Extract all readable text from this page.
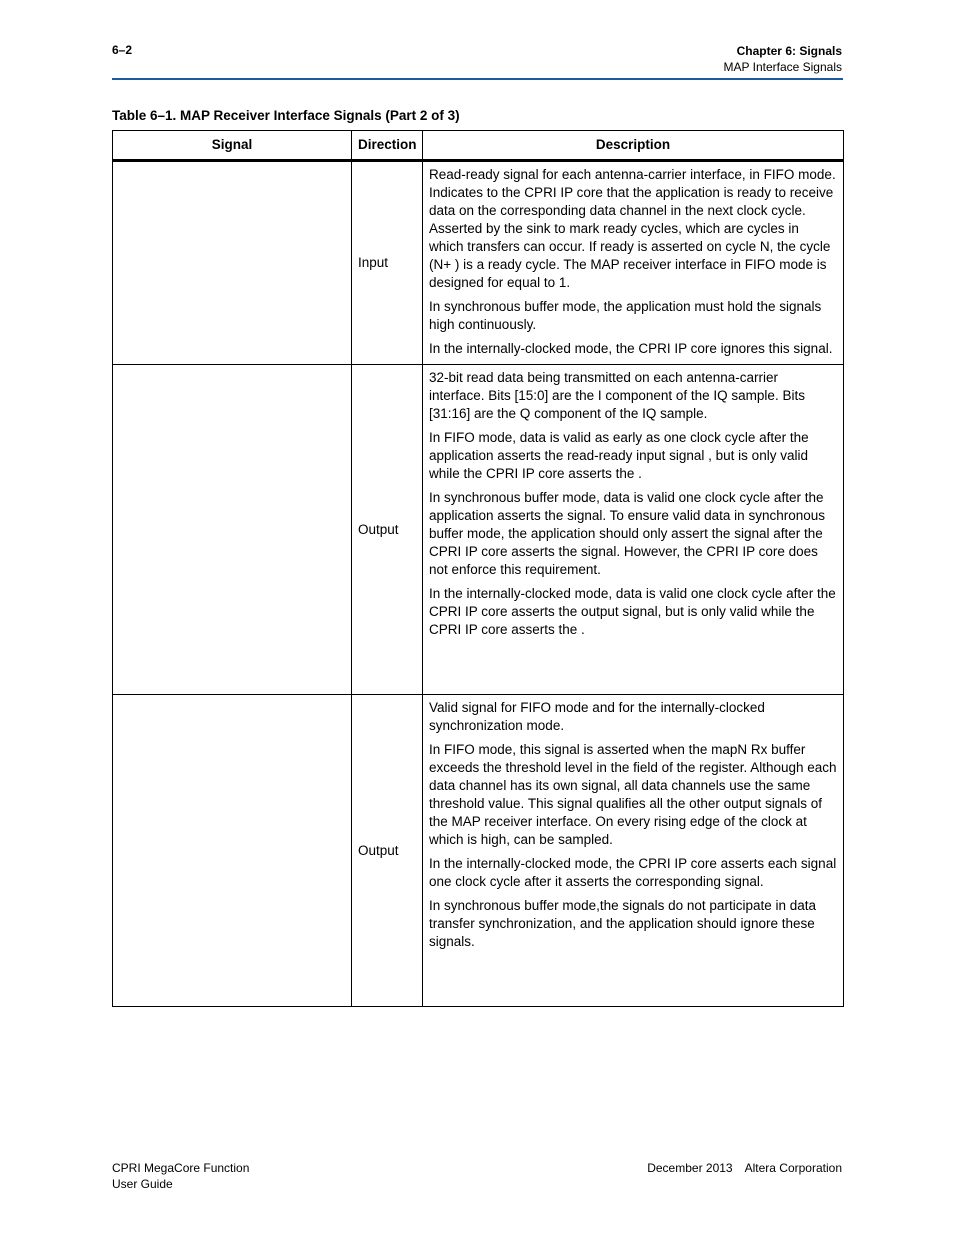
6–2	Chapter 6: Signals
MAP Interface Signals
Table 6–1. MAP Receiver Interface Signals (Part 2 of 3)
Signal	Direction	Description
	Input	Read-ready signal for each antenna-carrier interface, in FIFO mode. Indicates to the CPRI IP core that the application is ready to receive data on the corresponding data channel in the next clock cycle. Asserted by the sink to mark ready cycles, which are cycles in which transfers can occur. If ready is asserted on cycle N, the cycle (N+ ) is a ready cycle. The MAP receiver interface in FIFO mode is designed for equal to 1.

In synchronous buffer mode, the application must hold the signals high continuously.

In the internally-clocked mode, the CPRI IP core ignores this signal.

	Output	32-bit read data being transmitted on each antenna-carrier interface. Bits [15:0] are the I component of the IQ sample. Bits [31:16] are the Q component of the IQ sample.

In FIFO mode, data is valid as early as one clock cycle after the application asserts the read-ready input signal , but is only valid while the CPRI IP core asserts the .

In synchronous buffer mode, data is valid one clock cycle after the application asserts the signal. To ensure valid data in synchronous buffer mode, the application should only assert the signal after the CPRI IP core asserts the signal. However, the CPRI IP core does not enforce this requirement.

In the internally-clocked mode, data is valid one clock cycle after the CPRI IP core asserts the output signal, but is only valid while the CPRI IP core asserts the .

	Output	Valid signal for FIFO mode and for the internally-clocked synchronization mode.

In FIFO mode, this signal is asserted when the mapN Rx buffer exceeds the threshold level in the field of the register. Although each data channel has its own signal, all data channels use the same threshold value. This signal qualifies all the other output signals of the MAP receiver interface. On every rising edge of the clock at which is high, can be sampled.

In the internally-clocked mode, the CPRI IP core asserts each signal one clock cycle after it asserts the corresponding signal.

In synchronous buffer mode,the signals do not participate in data transfer synchronization, and the application should ignore these signals.

CPRI MegaCore Function
User Guide
December 2013 Altera Corporation
